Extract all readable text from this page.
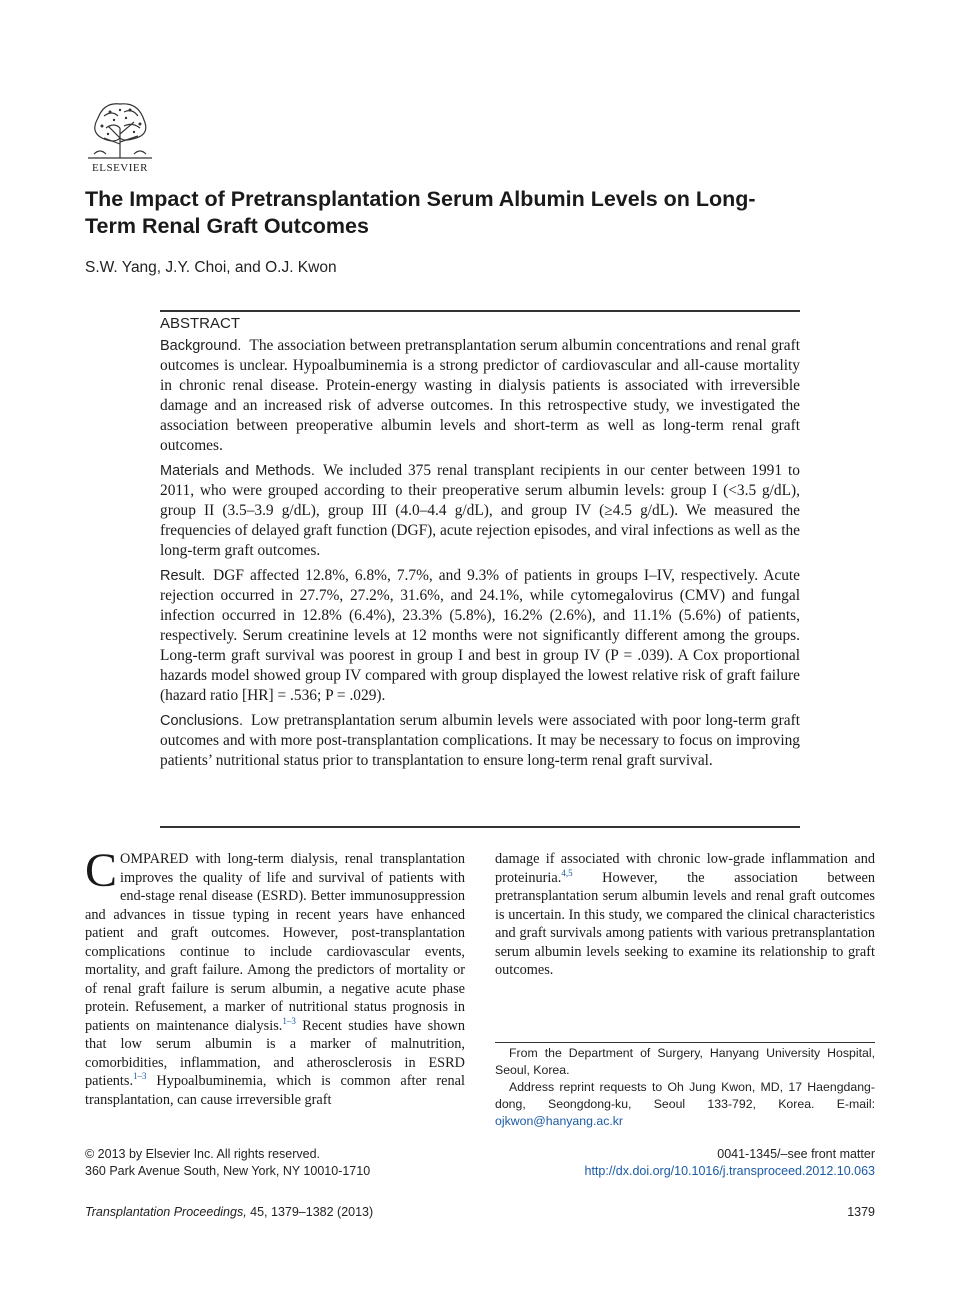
ELSEVIER
The Impact of Pretransplantation Serum Albumin Levels on Long-Term Renal Graft Outcomes

S.W. Yang, J.Y. Choi, and O.J. Kwon

ABSTRACT

Background. The association between pretransplantation serum albumin concentrations and renal graft outcomes is unclear. Hypoalbuminemia is a strong predictor of cardiovascular and all-cause mortality in chronic renal disease. Protein-energy wasting in dialysis patients is associated with irreversible damage and an increased risk of adverse outcomes. In this retrospective study, we investigated the association between preoperative albumin levels and short-term as well as long-term renal graft outcomes.

Materials and Methods. We included 375 renal transplant recipients in our center between 1991 to 2011, who were grouped according to their preoperative serum albumin levels: group I (<3.5 g/dL), group II (3.5–3.9 g/dL), group III (4.0–4.4 g/dL), and group IV (≥4.5 g/dL). We measured the frequencies of delayed graft function (DGF), acute rejection episodes, and viral infections as well as the long-term graft outcomes.

Result. DGF affected 12.8%, 6.8%, 7.7%, and 9.3% of patients in groups I–IV, respectively. Acute rejection occurred in 27.7%, 27.2%, 31.6%, and 24.1%, while cytomegalovirus (CMV) and fungal infection occurred in 12.8% (6.4%), 23.3% (5.8%), 16.2% (2.6%), and 11.1% (5.6%) of patients, respectively. Serum creatinine levels at 12 months were not significantly different among the groups. Long-term graft survival was poorest in group I and best in group IV (P = .039). A Cox proportional hazards model showed group IV compared with group displayed the lowest relative risk of graft failure (hazard ratio [HR] = .536; P = .029).

Conclusions. Low pretransplantation serum albumin levels were associated with poor long-term graft outcomes and with more post-transplantation complications. It may be necessary to focus on improving patients’ nutritional status prior to transplantation to ensure long-term renal graft survival.

COMPARED with long-term dialysis, renal transplantation improves the quality of life and survival of patients with end-stage renal disease (ESRD). Better immunosuppression and advances in tissue typing in recent years have enhanced patient and graft outcomes. However, post-transplantation complications continue to include cardiovascular events, mortality, and graft failure. Among the predictors of mortality or of renal graft failure is serum albumin, a negative acute phase protein. Refusement, a marker of nutritional status prognosis in patients on maintenance dialysis.$^{1-3}$ Recent studies have shown that low serum albumin is a marker of malnutrition, comorbidities, inflammation, and atherosclerosis in ESRD patients.$^{1-3}$ Hypoalbuminemia, which is common after renal transplantation, can cause irreversible graft

damage if associated with chronic low-grade inflammation and proteinuria.$^{4,5}$ However, the association between pretransplantation serum albumin levels and renal graft outcomes is uncertain. In this study, we compared the clinical characteristics and graft survivals among patients with various pretransplantation serum albumin levels seeking to examine its relationship to graft outcomes.

From the Department of Surgery, Hanyang University Hospital, Seoul, Korea.

Address reprint requests to Oh Jung Kwon, MD, 17 Haengdang-dong, Seongdong-ku, Seoul 133-792, Korea. E-mail: ojkwon@hanyang.ac.kr

© 2013 by Elsevier Inc. All rights reserved.
360 Park Avenue South, New York, NY 10010-1710
0041-1345/–see front matter
http://dx.doi.org/10.1016/j.transproceed.2012.10.063
Transplantation Proceedings, 45, 1379–1382 (2013)	1379
